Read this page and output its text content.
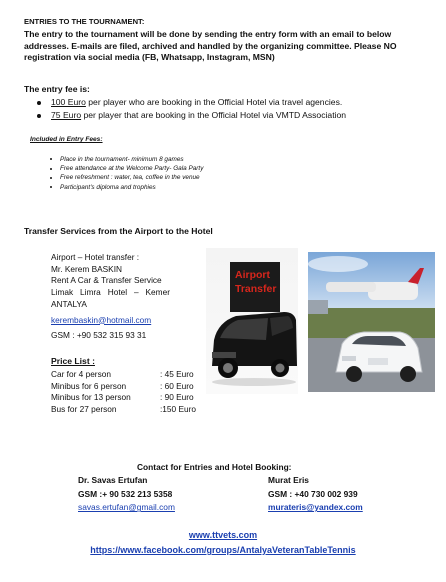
ENTRIES TO THE TOURNAMENT:
The entry to the tournament will be done by sending the entry form with an email to below
addresses. E-mails are filed, archived and handled by the organizing committee. Please NO
registration via social media (FB, Whatsapp, Instagram, MSN)
The entry fee is:
100 Euro per player who are booking in the Official Hotel via travel agencies.
75 Euro per player that are booking in the Official Hotel via VMTD Association
Included in Entry Fees:
Place in the tournament- minimum 8 games
Free attendance at the Welcome Party- Gala Party
Free refreshment : water, tea, coffee in the venue
Participant's diploma and trophies
Transfer Services from the Airport to the Hotel
Airport – Hotel transfer :
Mr. Kerem BASKIN
Rent A Car & Transfer Service
Limak   Limra   Hotel   –   Kemer
ANTALYA
kerembaskin@hotmail.com
GSM : +90 532 315 93 31
Price List :
Car for 4 person	: 45 Euro
Minibus for 6 person	: 60 Euro
Minibus for 13 person	: 90 Euro
Bus for 27 person	:150 Euro
Airport
Transfer
Contact for Entries and Hotel Booking:
Dr. Savas Ertufan
GSM :+ 90 532 213 5358
savas.ertufan@gmail.com
Murat Eris
GSM : +40 730 002 939
murateris@yandex.com
www.ttvets.com
https://www.facebook.com/groups/AntalyaVeteranTableTennis
